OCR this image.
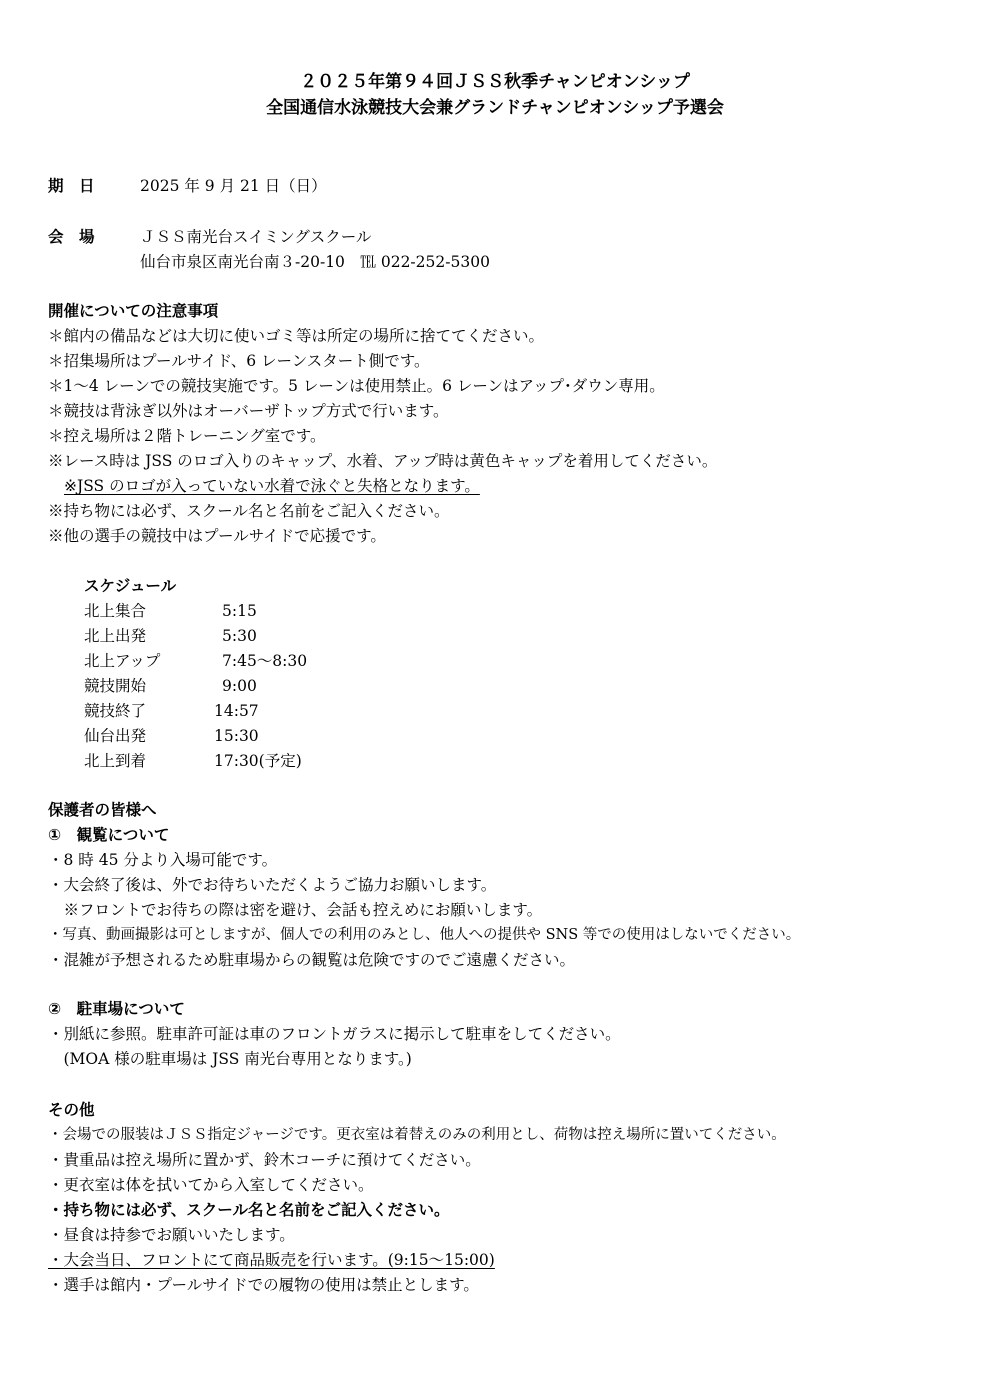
２０２５年第９４回ＪＳＳ秋季チャンピオンシップ
全国通信水泳競技大会兼グランドチャンピオンシップ予選会
期　日	2025 年 9 月 21 日（日）
会　場	ＪＳＳ南光台スイミングスクール
仙台市泉区南光台南３‐20‐10　℡ 022-252-5300
開催についての注意事項
＊館内の備品などは大切に使いゴミ等は所定の場所に捨ててください。
＊招集場所はプールサイド、6 レーンスタート側です。
＊1～4 レーンでの競技実施です。5 レーンは使用禁止。6 レーンはアップ･ダウン専用。
＊競技は背泳ぎ以外はオーバーザトップ方式で行います。
＊控え場所は２階トレーニング室です。
※レース時は JSS のロゴ入りのキャップ、水着、アップ時は黄色キャップを着用してください。
※JSS のロゴが入っていない水着で泳ぐと失格となります。
※持ち物には必ず、スクール名と名前をご記入ください。
※他の選手の競技中はプールサイドで応援です。
スケジュール
北上集合	5:15
北上出発	5:30
北上アップ	7:45～8:30
競技開始	9:00
競技終了	14:57
仙台出発	15:30
北上到着	17:30(予定)
保護者の皆様へ
①　観覧について
・8 時 45 分より入場可能です。
・大会終了後は、外でお待ちいただくようご協力お願いします。
　※フロントでお待ちの際は密を避け、会話も控えめにお願いします。
・写真、動画撮影は可としますが、個人での利用のみとし、他人への提供や SNS 等での使用はしないでください。
・混雑が予想されるため駐車場からの観覧は危険ですのでご遠慮ください。
②　駐車場について
・別紙に参照。駐車許可証は車のフロントガラスに掲示して駐車をしてください。
　(MOA 様の駐車場は JSS 南光台専用となります。)
その他
・会場での服装はＪＳＳ指定ジャージです。更衣室は着替えのみの利用とし、荷物は控え場所に置いてください。
・貴重品は控え場所に置かず、鈴木コーチに預けてください。
・更衣室は体を拭いてから入室してください。
・持ち物には必ず、スクール名と名前をご記入ください。
・昼食は持参でお願いいたします。
・大会当日、フロントにて商品販売を行います。(9:15～15:00)
・選手は館内・プールサイドでの履物の使用は禁止とします。
